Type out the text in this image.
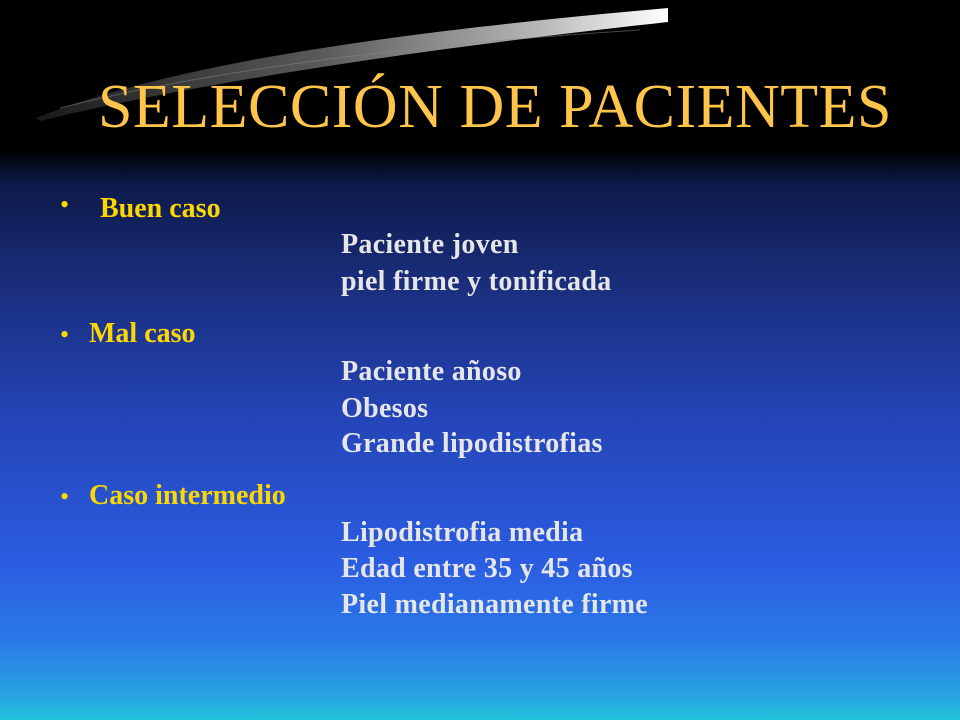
SELECCIÓN DE PACIENTES
• Buen caso
Paciente joven
piel firme y tonificada
• Mal caso
Paciente añoso
Obesos
Grande lipodistrofias
• Caso intermedio
Lipodistrofia media
Edad entre 35 y 45 años
Piel medianamente firme
